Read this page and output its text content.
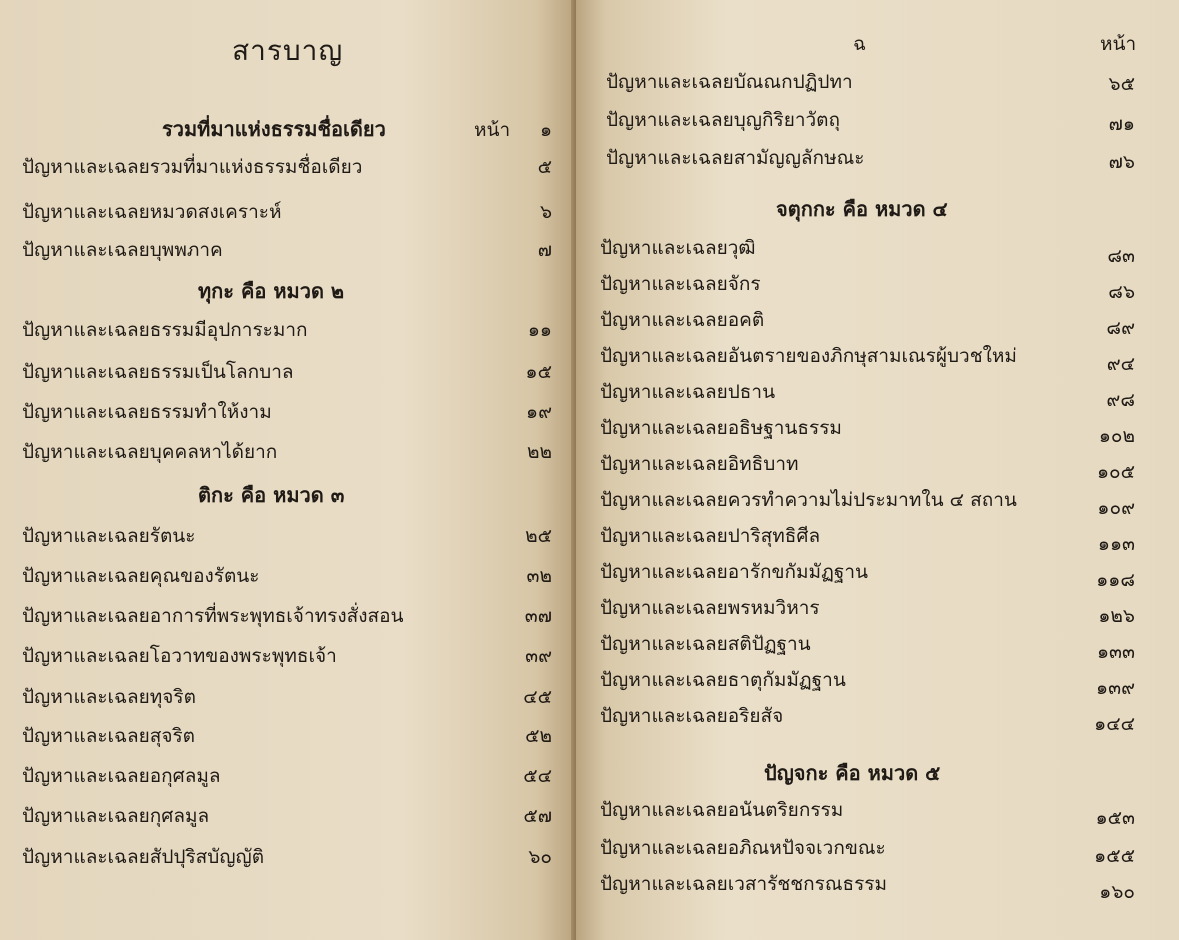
สารบาญ
รวมที่มาแห่งธรรมชื่อเดียว	หน้า ๑
ปัญหาและเฉลยรวมที่มาแห่งธรรมชื่อเดียว	๕
ปัญหาและเฉลยหมวดสงเคราะห์	๖
ปัญหาและเฉลยบุพพภาค	๗
ทุกะ คือ หมวด ๒
ปัญหาและเฉลยธรรมมีอุปการะมาก	๑๑
ปัญหาและเฉลยธรรมเป็นโลกบาล	๑๕
ปัญหาและเฉลยธรรมทำให้งาม	๑๙
ปัญหาและเฉลยบุคคลหาได้ยาก	๒๒
ติกะ คือ หมวด ๓
ปัญหาและเฉลยรัตนะ	๒๕
ปัญหาและเฉลยคุณของรัตนะ	๓๒
ปัญหาและเฉลยอาการที่พระพุทธเจ้าทรงสั่งสอน	๓๗
ปัญหาและเฉลยโอวาทของพระพุทธเจ้า	๓๙
ปัญหาและเฉลยทุจริต	๔๕
ปัญหาและเฉลยสุจริต	๕๒
ปัญหาและเฉลยอกุศลมูล	๕๔
ปัญหาและเฉลยกุศลมูล	๕๗
ปัญหาและเฉลยสัปปุริสบัญญัติ	๖๐
ฉ	หน้า
ปัญหาและเฉลยบัณณกปฏิปทา	๖๕
ปัญหาและเฉลยบุญกิริยาวัตถุ	๗๑
ปัญหาและเฉลยสามัญญลักษณะ	๗๖
จตุกกะ คือ หมวด ๔
ปัญหาและเฉลยวุฒิ	๘๓
ปัญหาและเฉลยจักร	๘๖
ปัญหาและเฉลยอคติ	๘๙
ปัญหาและเฉลยอันตรายของภิกษุสามเณรผู้บวชใหม่	๙๔
ปัญหาและเฉลยปธาน	๙๘
ปัญหาและเฉลยอธิษฐานธรรม	๑๐๒
ปัญหาและเฉลยอิทธิบาท	๑๐๕
ปัญหาและเฉลยควรทำความไม่ประมาทใน ๔ สถาน	๑๐๙
ปัญหาและเฉลยปาริสุทธิศีล	๑๑๓
ปัญหาและเฉลยอารักขกัมมัฏฐาน	๑๑๘
ปัญหาและเฉลยพรหมวิหาร	๑๒๖
ปัญหาและเฉลยสติปัฏฐาน	๑๓๓
ปัญหาและเฉลยธาตุกัมมัฏฐาน	๑๓๙
ปัญหาและเฉลยอริยสัจ	๑๔๔
ปัญจกะ คือ หมวด ๕
ปัญหาและเฉลยอนันตริยกรรม	๑๕๓
ปัญหาและเฉลยอภิณหปัจจเวกขณะ	๑๕๕
ปัญหาและเฉลยเวสารัชชกรณธรรม	๑๖๐
